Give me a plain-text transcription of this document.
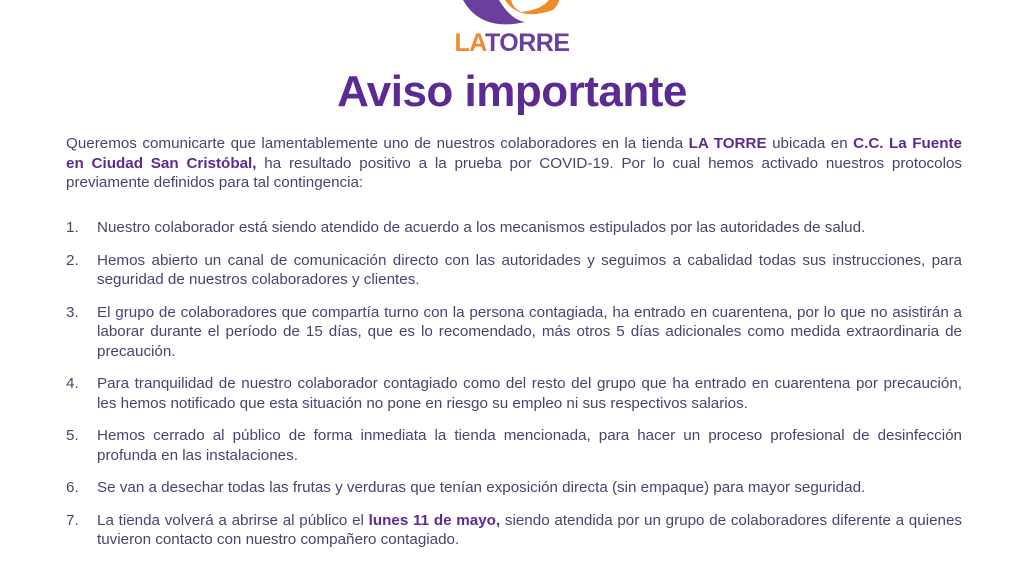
LATORRE
Aviso importante
Queremos comunicarte que lamentablemente uno de nuestros colaboradores en la tienda LA TORRE ubicada en C.C. La Fuente en Ciudad San Cristóbal, ha resultado positivo a la prueba por COVID-19. Por lo cual hemos activado nuestros protocolos previamente definidos para tal contingencia:
1. Nuestro colaborador está siendo atendido de acuerdo a los mecanismos estipulados por las autoridades de salud.
2. Hemos abierto un canal de comunicación directo con las autoridades y seguimos a cabalidad todas sus instrucciones, para seguridad de nuestros colaboradores y clientes.
3. El grupo de colaboradores que compartía turno con la persona contagiada, ha entrado en cuarentena, por lo que no asistirán a laborar durante el período de 15 días, que es lo recomendado, más otros 5 días adicionales como medida extraordinaria de precaución.
4. Para tranquilidad de nuestro colaborador contagiado como del resto del grupo que ha entrado en cuarentena por precaución, les hemos notificado que esta situación no pone en riesgo su empleo ni sus respectivos salarios.
5. Hemos cerrado al público de forma inmediata la tienda mencionada, para hacer un proceso profesional de desinfección profunda en las instalaciones.
6. Se van a desechar todas las frutas y verduras que tenían exposición directa (sin empaque) para mayor seguridad.
7. La tienda volverá a abrirse al público el lunes 11 de mayo, siendo atendida por un grupo de colaboradores diferente a quienes tuvieron contacto con nuestro compañero contagiado.
